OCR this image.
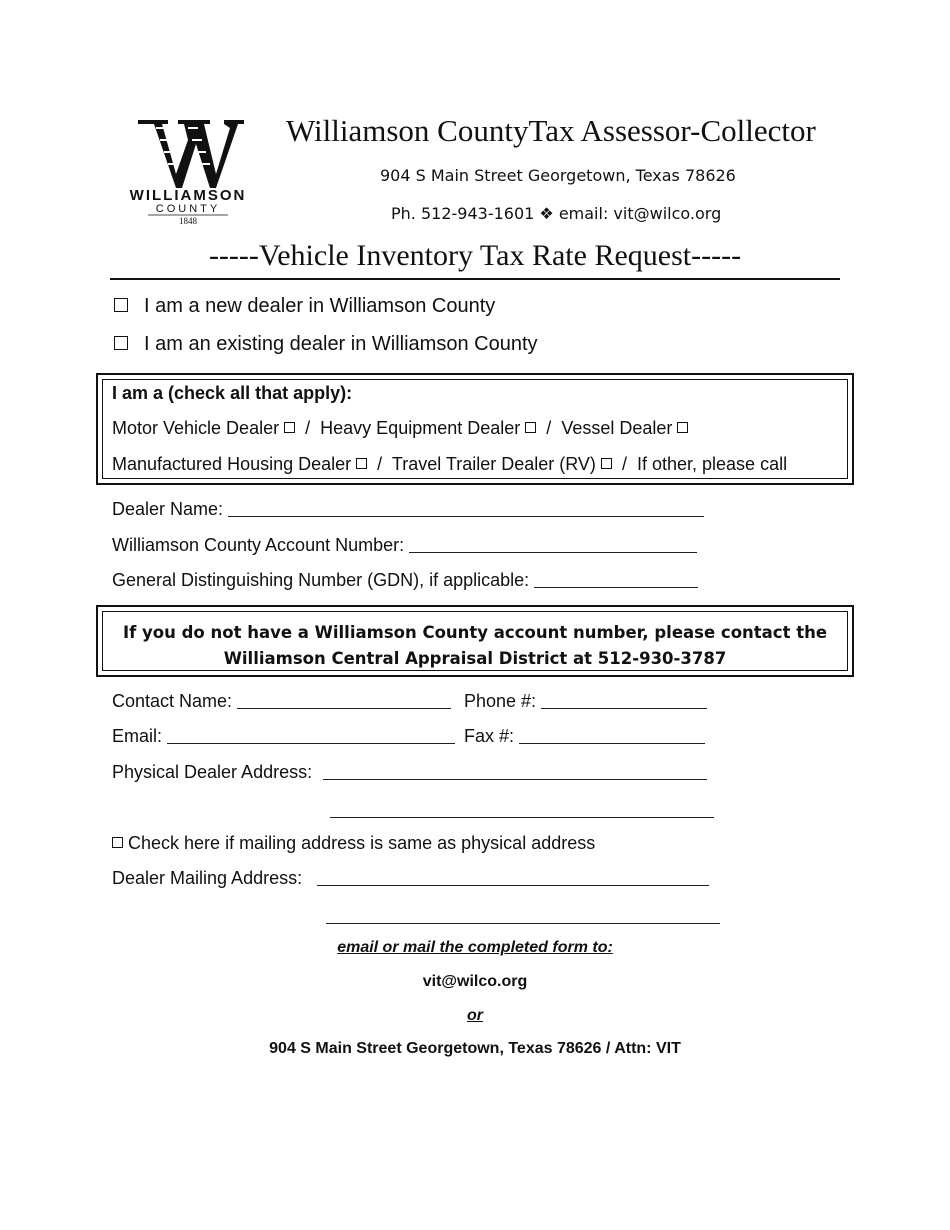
WILLIAMSON
COUNTY
1848
Williamson CountyTax Assessor-Collector
904 S Main Street Georgetown, Texas 78626
Ph. 512-943-1601 ❖ email: vit@wilco.org
-----Vehicle Inventory Tax Rate Request-----
I am a new dealer in Williamson County
I am an existing dealer in Williamson County
I am a (check all that apply):
Motor Vehicle Dealer / Heavy Equipment Dealer / Vessel Dealer
Manufactured Housing Dealer / Travel Trailer Dealer (RV) / If other, please call
Dealer Name:
Williamson County Account Number:
General Distinguishing Number (GDN), if applicable:
If you do not have a Williamson County account number, please contact the
Williamson Central Appraisal District at 512-930-3787
Contact Name:	Phone #:
Email:	Fax #:
Physical Dealer Address:
Check here if mailing address is same as physical address
Dealer Mailing Address:
email or mail the completed form to:
vit@wilco.org
or
904 S Main Street Georgetown, Texas 78626 / Attn: VIT
